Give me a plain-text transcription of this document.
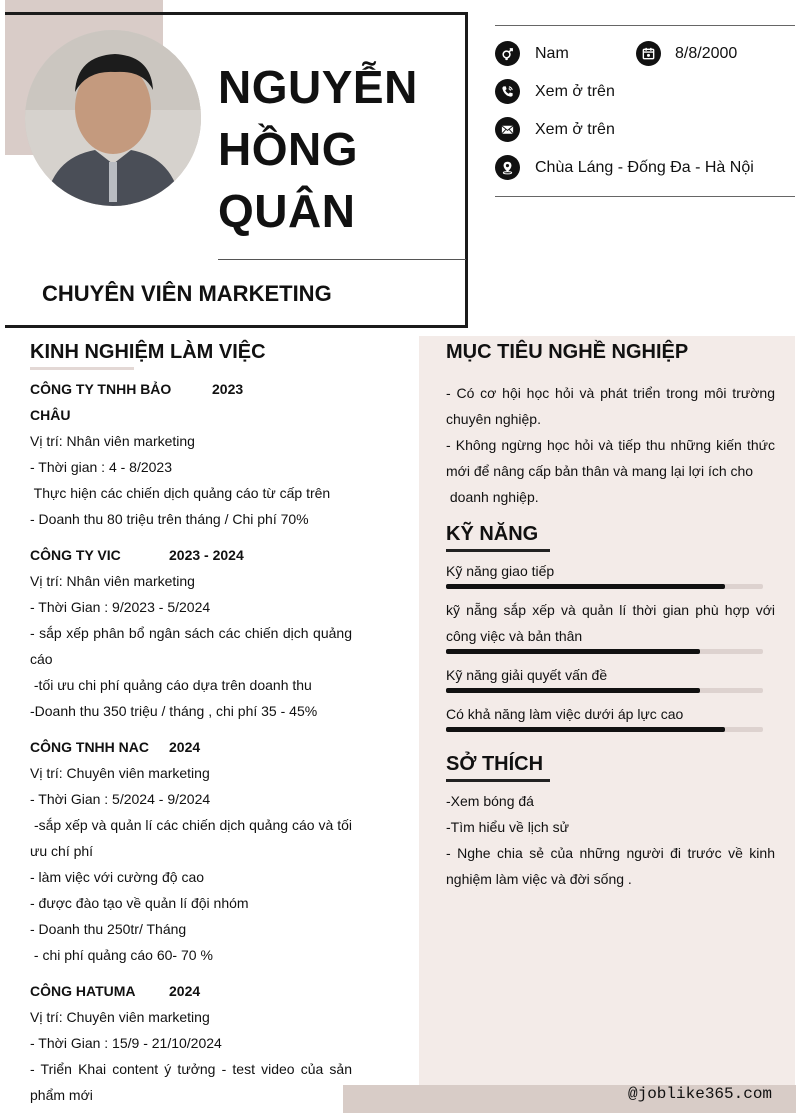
NGUYỄN
HỒNG
QUÂN
CHUYÊN VIÊN MARKETING
Nam	8/8/2000
Xem ở trên
Xem ở trên
Chùa Láng - Đống Đa - Hà Nội
KINH NGHIỆM LÀM VIỆC
CÔNG TY TNHH BẢO CHÂU
2023
Vị trí: Nhân viên marketing
- Thời gian : 4 - 8/2023
Thực hiện các chiến dịch quảng cáo từ cấp trên
- Doanh thu 80 triệu trên tháng / Chi phí 70%
CÔNG TY VIC	2023 - 2024
Vị trí: Nhân viên marketing
- Thời Gian : 9/2023 - 5/2024
- sắp xếp phân bổ ngân sách các chiến dịch quảng cáo
-tối ưu chi phí quảng cáo dựa trên doanh thu
-Doanh thu 350 triệu / tháng , chi phí 35 - 45%
CÔNG TNHH NAC	2024
Vị trí: Chuyên viên marketing
- Thời Gian : 5/2024 - 9/2024
-sắp xếp và quản lí các chiến dịch quảng cáo và tối ưu chí phí
- làm việc với cường độ cao
- được đào tạo về quản lí đội nhóm
- Doanh thu 250tr/ Tháng
- chi phí quảng cáo 60- 70 %
CÔNG HATUMA	2024
Vị trí: Chuyên viên marketing
- Thời Gian : 15/9 - 21/10/2024
- Triển Khai content ý tưởng - test video của sản phẩm mới
MỤC TIÊU NGHỀ NGHIỆP
- Có cơ hội học hỏi và phát triển trong môi trường chuyên nghiệp.
- Không ngừng học hỏi và tiếp thu những kiến thức mới để nâng cấp bản thân và mang lại lợi ích cho
doanh nghiệp.
KỸ NĂNG
Kỹ năng giao tiếp
kỹ nẵng sắp xếp và quản lí thời gian phù hợp với công việc và bản thân
Kỹ năng giải quyết vấn đề
Có khả năng làm việc dưới áp lực cao
SỞ THÍCH
-Xem bóng đá
-Tìm hiểu về lịch sử
- Nghe chia sẻ của những người đi trước về kinh nghiệm làm việc và đời sống .
@joblike365.com
